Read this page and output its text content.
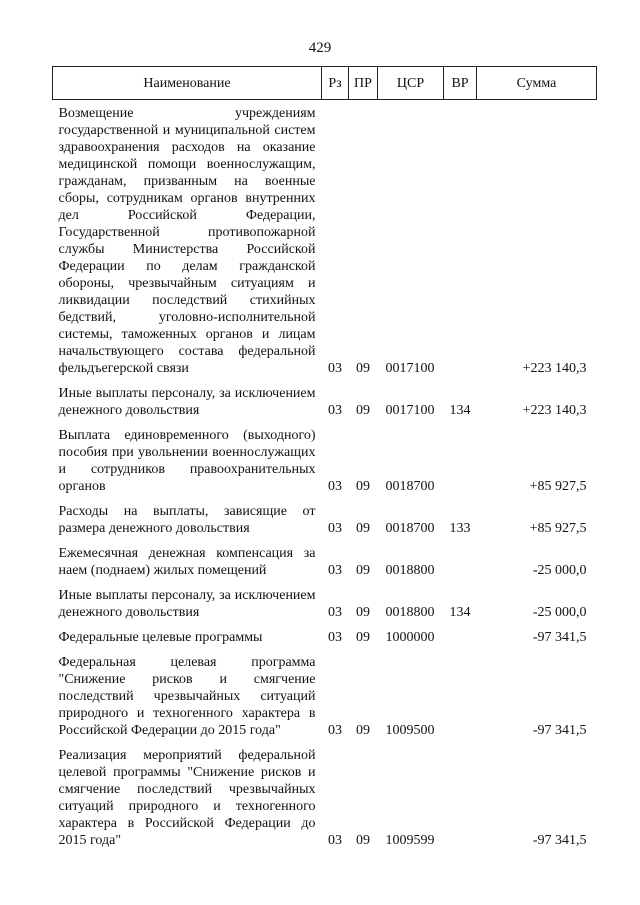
429
Наименование	Рз	ПР	ЦСР	ВР	Сумма
Возмещение учреждениям государственной и муниципальной систем здравоохранения расходов на оказание медицинской помощи военнослужащим, гражданам, призванным на военные сборы, сотрудникам органов внутренних дел Российской Федерации, Государственной противопожарной службы Министерства Российской Федерации по делам гражданской обороны, чрезвычайным ситуациям и ликвидации последствий стихийных бедствий, уголовно-исполнительной системы, таможенных органов и лицам начальствующего состава федеральной фельдъегерской связи	03	09	0017100		+223 140,3
Иные выплаты персоналу, за исключением денежного довольствия	03	09	0017100	134	+223 140,3
Выплата единовременного (выходного) пособия при увольнении военнослужащих и сотрудников правоохранительных органов	03	09	0018700		+85 927,5
Расходы на выплаты, зависящие от размера денежного довольствия	03	09	0018700	133	+85 927,5
Ежемесячная денежная компенсация за наем (поднаем) жилых помещений	03	09	0018800		-25 000,0
Иные выплаты персоналу, за исключением денежного довольствия	03	09	0018800	134	-25 000,0
Федеральные целевые программы	03	09	1000000		-97 341,5
Федеральная целевая программа "Снижение рисков и смягчение последствий чрезвычайных ситуаций природного и техногенного характера в Российской Федерации до 2015 года"	03	09	1009500		-97 341,5
Реализация мероприятий федеральной целевой программы "Снижение рисков и смягчение последствий чрезвычайных ситуаций природного и техногенного характера в Российской Федерации до 2015 года"	03	09	1009599		-97 341,5
